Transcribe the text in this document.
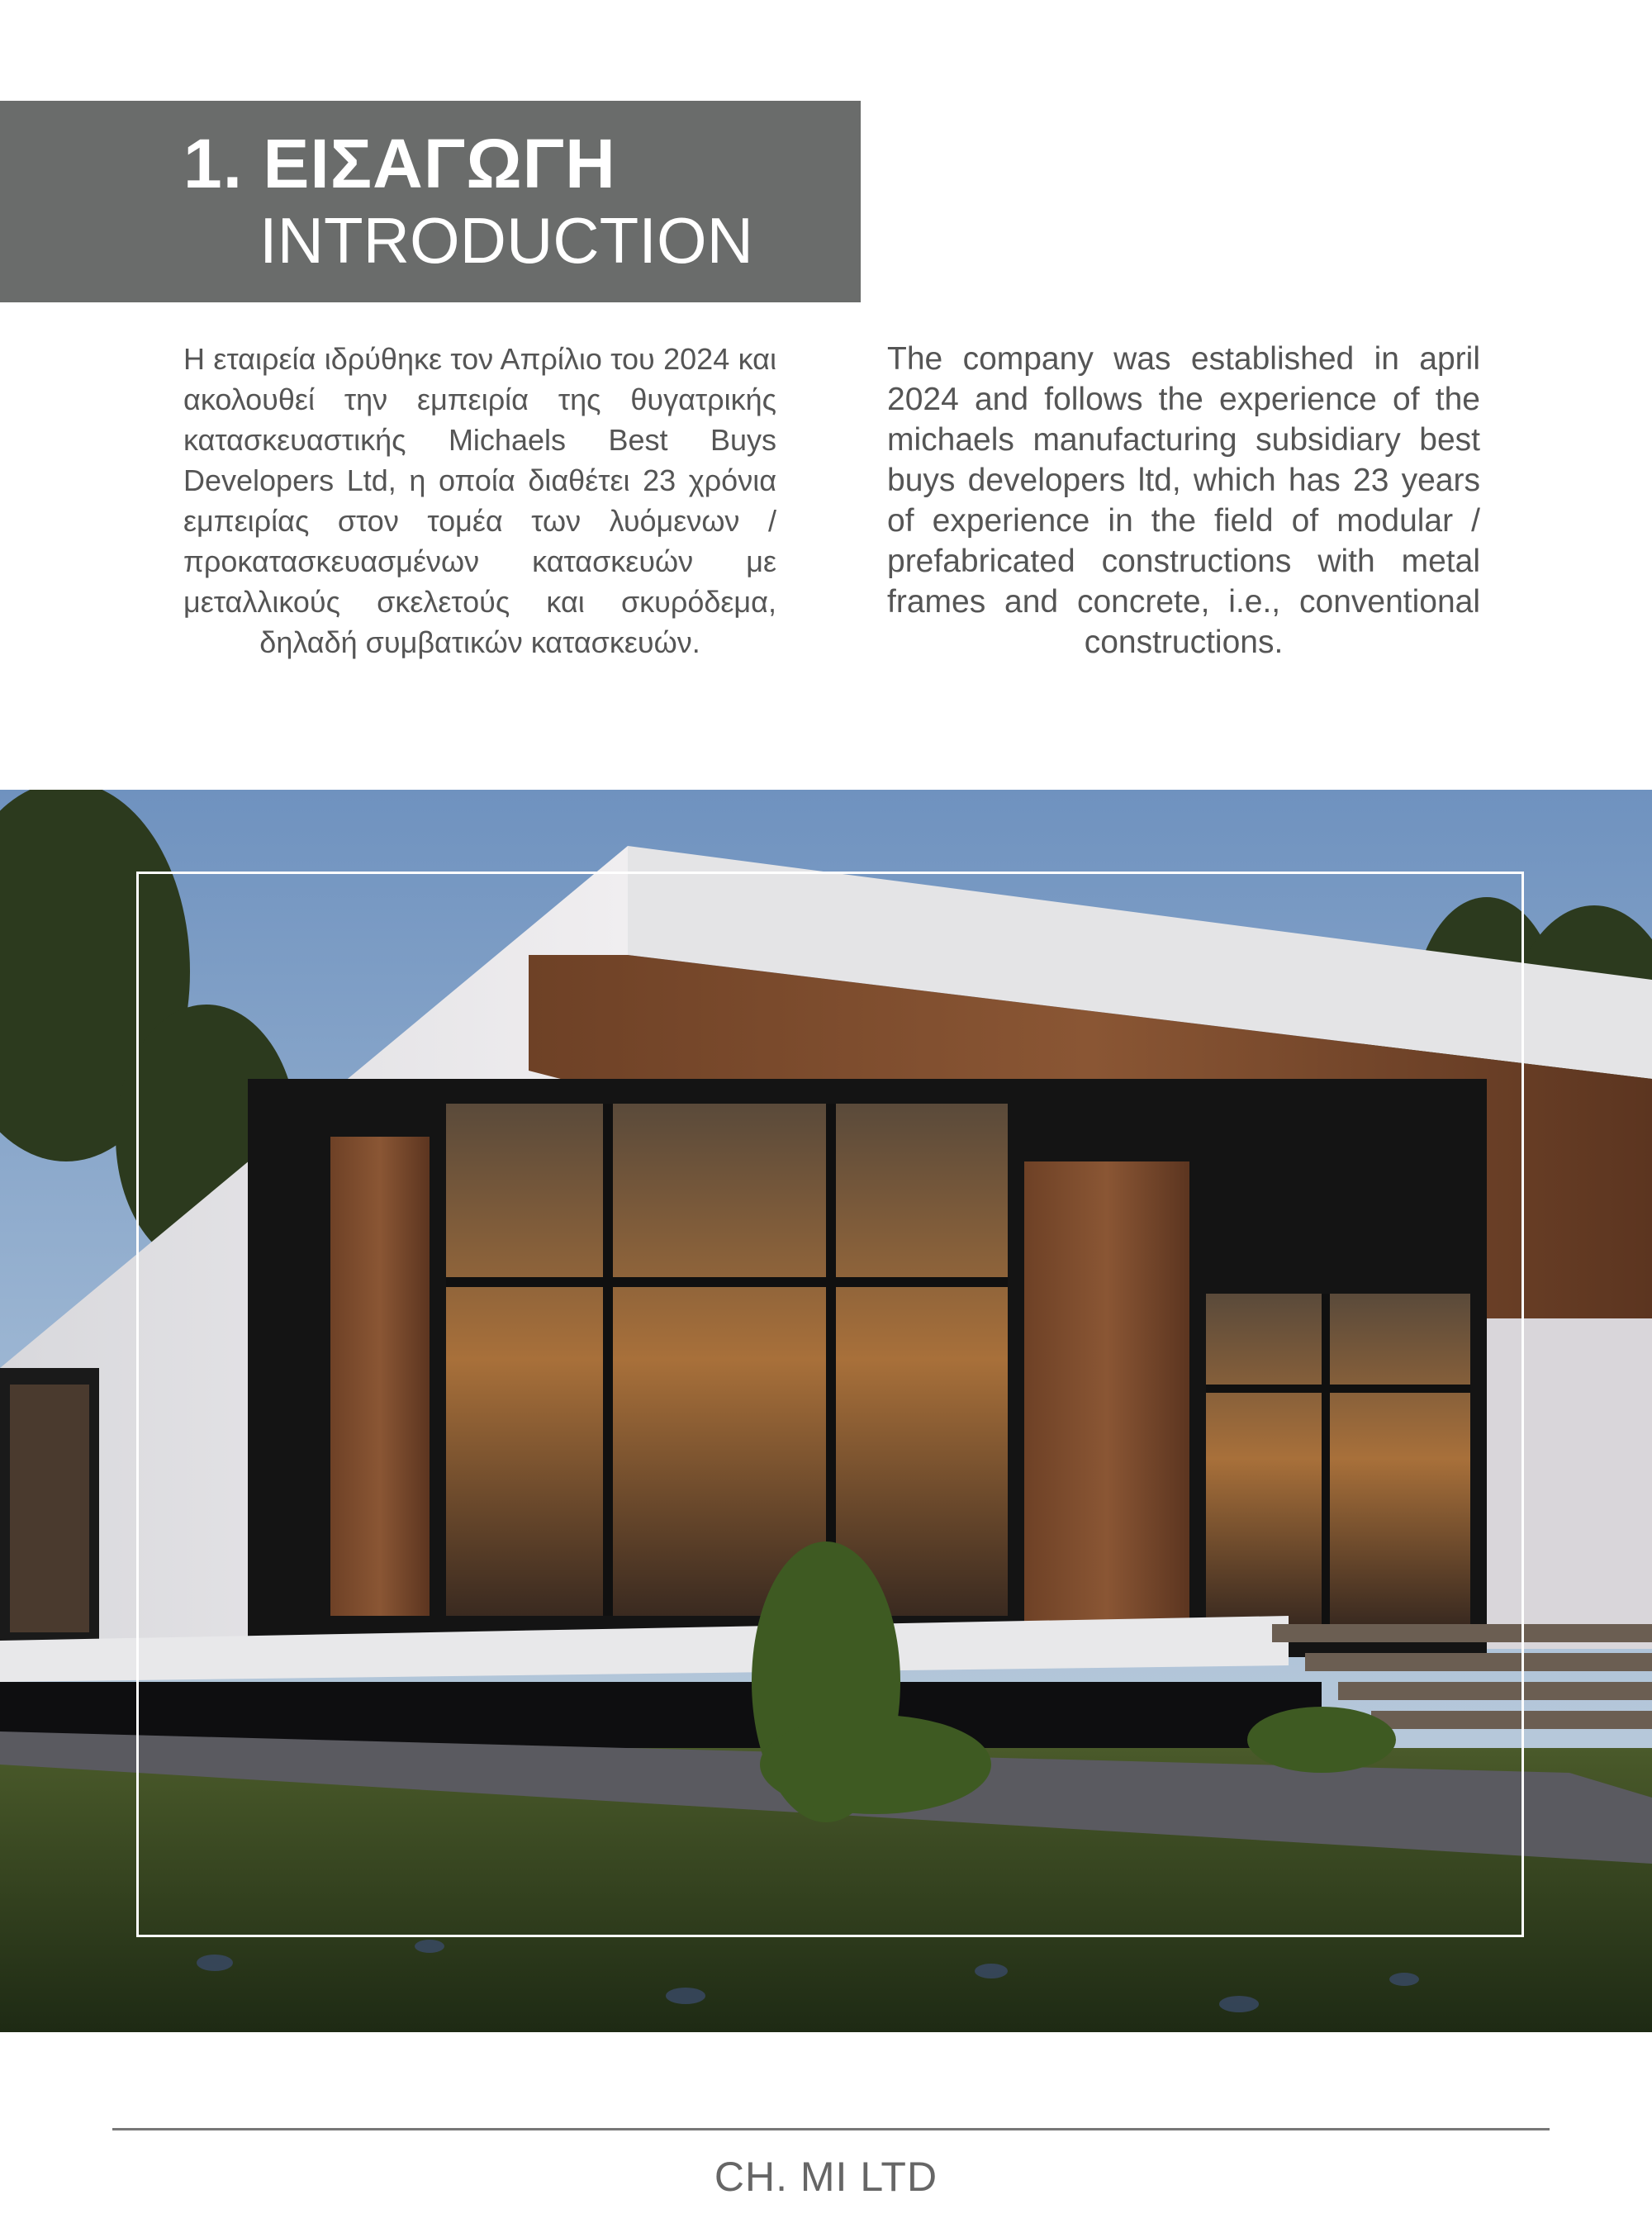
1. ΕΙΣΑΓΩΓΗ
INTRODUCTION
Η εταιρεία ιδρύθηκε τον Απρίλιο του 2024 και ακολουθεί την εμπειρία της θυγατρικής κατασκευαστικής Michaels Best Buys Developers Ltd, η οποία διαθέτει 23 χρόνια εμπειρίας στον τομέα των λυόμενων / προκατασκευασμένων κατασκευών με μεταλλικούς σκελετούς και σκυρόδεμα, δηλαδή συμβατικών κατασκευών.
The company was established in april 2024 and follows the experience of the michaels manufacturing subsidiary best buys developers ltd, which has 23 years of experience in the field of modular / prefabricated constructions with metal frames and concrete, i.e., conventional constructions.
CH. MI LTD
